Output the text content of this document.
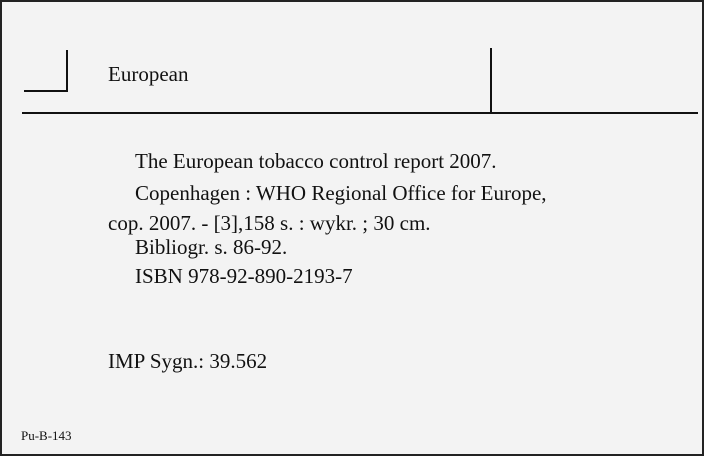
European
The European tobacco control report 2007.
Copenhagen : WHO Regional Office for Europe,
cop. 2007. - [3],158 s. : wykr. ; 30 cm.
Bibliogr. s. 86-92.
ISBN 978-92-890-2193-7
IMP Sygn.: 39.562
Pu-B-143
